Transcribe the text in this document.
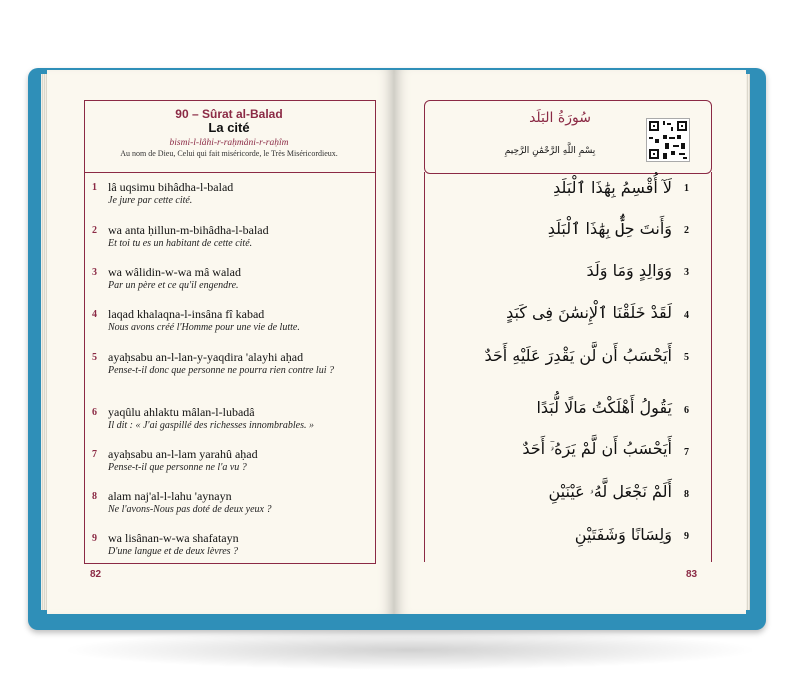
90 – Sûrat al-Balad
La cité
bismi-l-lâhi-r-raḥmâni-r-raḥîm
Au nom de Dieu, Celui qui fait miséricorde, le Très Miséricordieux.
1 lâ uqsimu bihâdha-l-balad
Je jure par cette cité.
2 wa anta ḥillun-m-bihâdha-l-balad
Et toi tu es un habitant de cette cité.
3 wa wâlidin-w-wa mâ walad
Par un père et ce qu'il engendre.
4 laqad khalaqna-l-insâna fî kabad
Nous avons créé l'Homme pour une vie de lutte.
5 ayaḥsabu an-l-lan-y-yaqdira 'alayhi aḥad
Pense-t-il donc que personne ne pourra rien contre lui ?
6 yaqûlu ahlaktu mâlan-l-lubadâ
Il dit : « J'ai gaspillé des richesses innombrables. »
7 ayaḥsabu an-l-lam yarahû aḥad
Pense-t-il que personne ne l'a vu ?
8 alam naj'al-l-lahu 'aynayn
Ne l'avons-Nous pas doté de deux yeux ?
9 wa lisânan-w-wa shafatayn
D'une langue et de deux lèvres ?
82
سُورَةُ البَلَد
بِسْمِ اللَّهِ الرَّحْمَٰنِ الرَّحِيمِ
لَآ أُقْسِمُ بِهَٰذَا ٱلْبَلَدِ 1
وَأَنتَ حِلٌّۢ بِهَٰذَا ٱلْبَلَدِ 2
وَوَالِدٍ وَمَا وَلَدَ 3
لَقَدْ خَلَقْنَا ٱلْإِنسَٰنَ فِى كَبَدٍ 4
أَيَحْسَبُ أَن لَّن يَقْدِرَ عَلَيْهِ أَحَدٌ 5
يَقُولُ أَهْلَكْتُ مَالًا لُّبَدًا 6
أَيَحْسَبُ أَن لَّمْ يَرَهُۥٓ أَحَدٌ 7
أَلَمْ نَجْعَل لَّهُۥ عَيْنَيْنِ 8
وَلِسَانًا وَشَفَتَيْنِ 9
83
